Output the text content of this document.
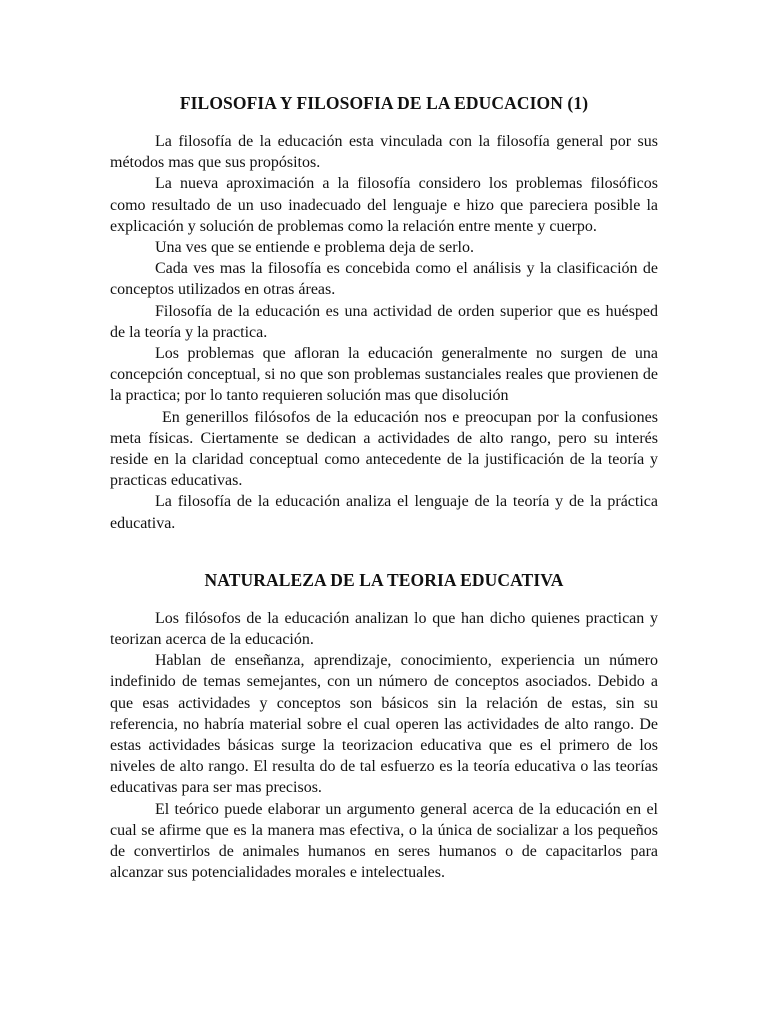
FILOSOFIA Y FILOSOFIA DE LA EDUCACION (1)

La filosofía de la educación esta vinculada con la filosofía general por sus métodos mas que sus propósitos.

La nueva aproximación a la filosofía considero los problemas filosóficos como resultado de un uso inadecuado del lenguaje e hizo que pareciera posible la explicación y solución de problemas como la relación entre mente y cuerpo.

Una ves que se entiende e problema deja de serlo.

Cada ves mas la filosofía es concebida como el análisis y la clasificación de conceptos utilizados en otras áreas.

Filosofía de la educación es una actividad de orden superior que es huésped de la teoría y la practica.

Los problemas que afloran la educación generalmente no surgen de una concepción conceptual, si no que son problemas sustanciales reales que provienen de la practica; por lo tanto requieren solución mas que disolución

En generillos filósofos de la educación nos e preocupan por la confusiones meta físicas. Ciertamente se dedican a actividades de alto rango, pero su interés reside en la claridad conceptual como antecedente de la justificación de la teoría y practicas educativas.

La filosofía de la educación analiza el lenguaje de la teoría y de la práctica educativa.

NATURALEZA DE LA TEORIA EDUCATIVA

Los filósofos de la educación analizan lo que han dicho quienes practican y teorizan acerca de la educación.

Hablan de enseñanza, aprendizaje, conocimiento, experiencia un número indefinido de temas semejantes, con un número de conceptos asociados. Debido a que esas actividades y conceptos son básicos sin la relación de estas, sin su referencia, no habría material sobre el cual operen las actividades de alto rango. De estas actividades básicas surge la teorizacion educativa que es el primero de los niveles de alto rango. El resulta do de tal esfuerzo es la teoría educativa o las teorías educativas para ser mas precisos.

El teórico puede elaborar un argumento general acerca de la educación en el cual se afirme que es la manera mas efectiva, o la única de socializar a los pequeños de convertirlos de animales humanos en seres humanos o de capacitarlos para alcanzar sus potencialidades morales e intelectuales.
